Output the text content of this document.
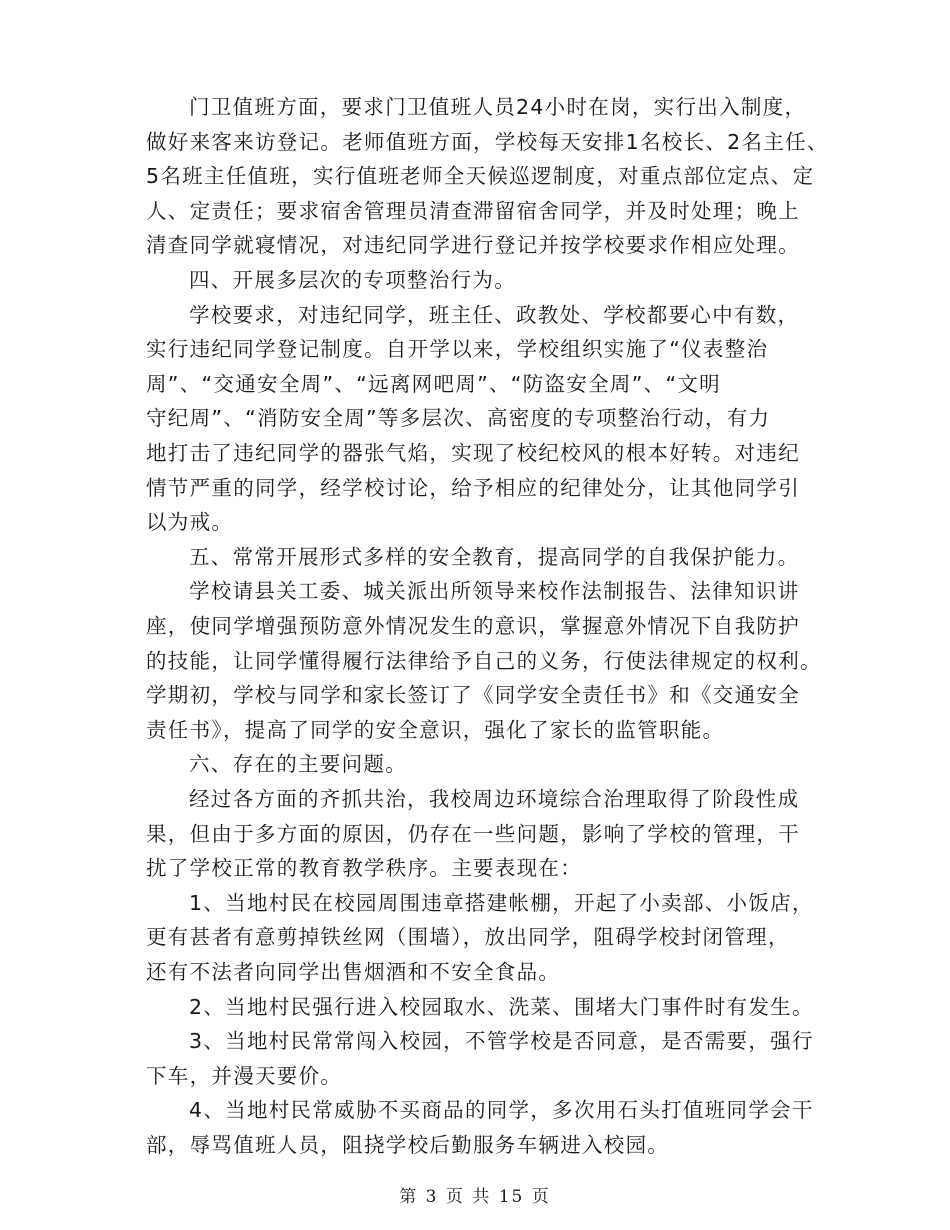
门卫值班方面，要求门卫值班人员24小时在岗，实行出入制度，
做好来客来访登记。老师值班方面，学校每天安排1名校长、2名主任、
5名班主任值班，实行值班老师全天候巡逻制度，对重点部位定点、定
人、定责任；要求宿舍管理员清查滞留宿舍同学，并及时处理；晚上
清查同学就寝情况，对违纪同学进行登记并按学校要求作相应处理。
四、开展多层次的专项整治行为。
学校要求，对违纪同学，班主任、政教处、学校都要心中有数，
实行违纪同学登记制度。自开学以来，学校组织实施了“仪表整治
周”、“交通安全周”、“远离网吧周”、“防盗安全周”、“文明
守纪周”、“消防安全周”等多层次、高密度的专项整治行动，有力
地打击了违纪同学的器张气焰，实现了校纪校风的根本好转。对违纪
情节严重的同学，经学校讨论，给予相应的纪律处分，让其他同学引
以为戒。
五、常常开展形式多样的安全教育，提高同学的自我保护能力。
学校请县关工委、城关派出所领导来校作法制报告、法律知识讲
座，使同学增强预防意外情况发生的意识，掌握意外情况下自我防护
的技能，让同学懂得履行法律给予自己的义务，行使法律规定的权利。
学期初，学校与同学和家长签订了《同学安全责任书》和《交通安全
责任书》，提高了同学的安全意识，强化了家长的监管职能。
六、存在的主要问题。
经过各方面的齐抓共治，我校周边环境综合治理取得了阶段性成
果，但由于多方面的原因，仍存在一些问题，影响了学校的管理，干
扰了学校正常的教育教学秩序。主要表现在：
1、当地村民在校园周围违章搭建帐棚，开起了小卖部、小饭店，
更有甚者有意剪掉铁丝网（围墙），放出同学，阻碍学校封闭管理，
还有不法者向同学出售烟酒和不安全食品。
2、当地村民强行进入校园取水、洗菜、围堵大门事件时有发生。
3、当地村民常常闯入校园，不管学校是否同意，是否需要，强行
下车，并漫天要价。
4、当地村民常威胁不买商品的同学，多次用石头打值班同学会干
部，辱骂值班人员，阻挠学校后勤服务车辆进入校园。
第 3 页 共 15 页
